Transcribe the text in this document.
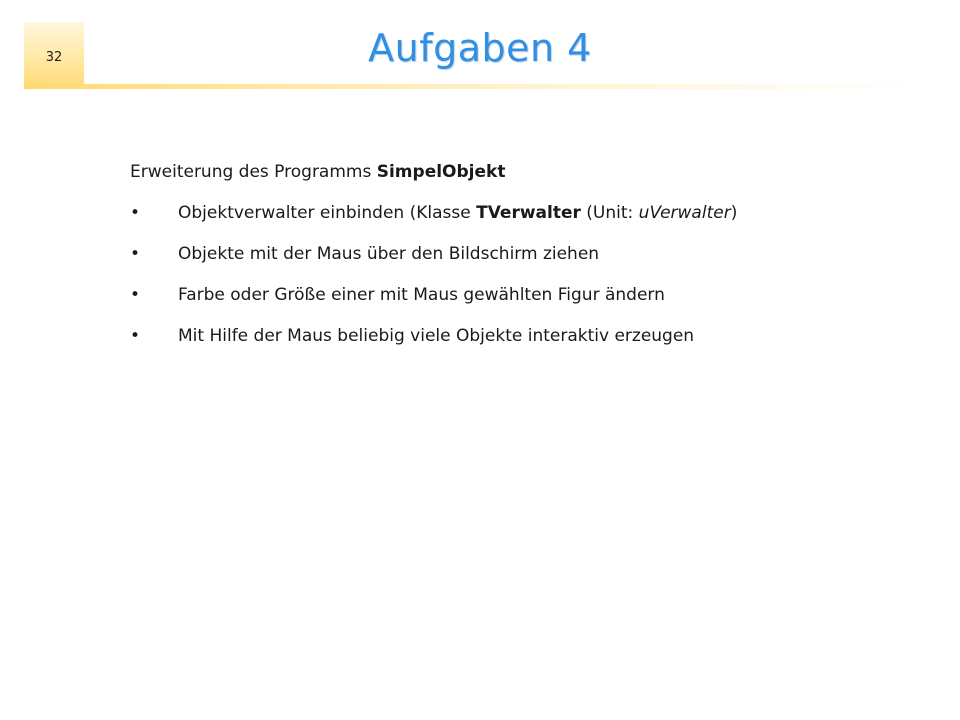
32	Aufgaben 4
Erweiterung des Programms SimpelObjekt
• Objektverwalter einbinden (Klasse TVerwalter (Unit: uVerwalter)
• Objekte mit der Maus über den Bildschirm ziehen
• Farbe oder Größe einer mit Maus gewählten Figur ändern
• Mit Hilfe der Maus beliebig viele Objekte interaktiv erzeugen
